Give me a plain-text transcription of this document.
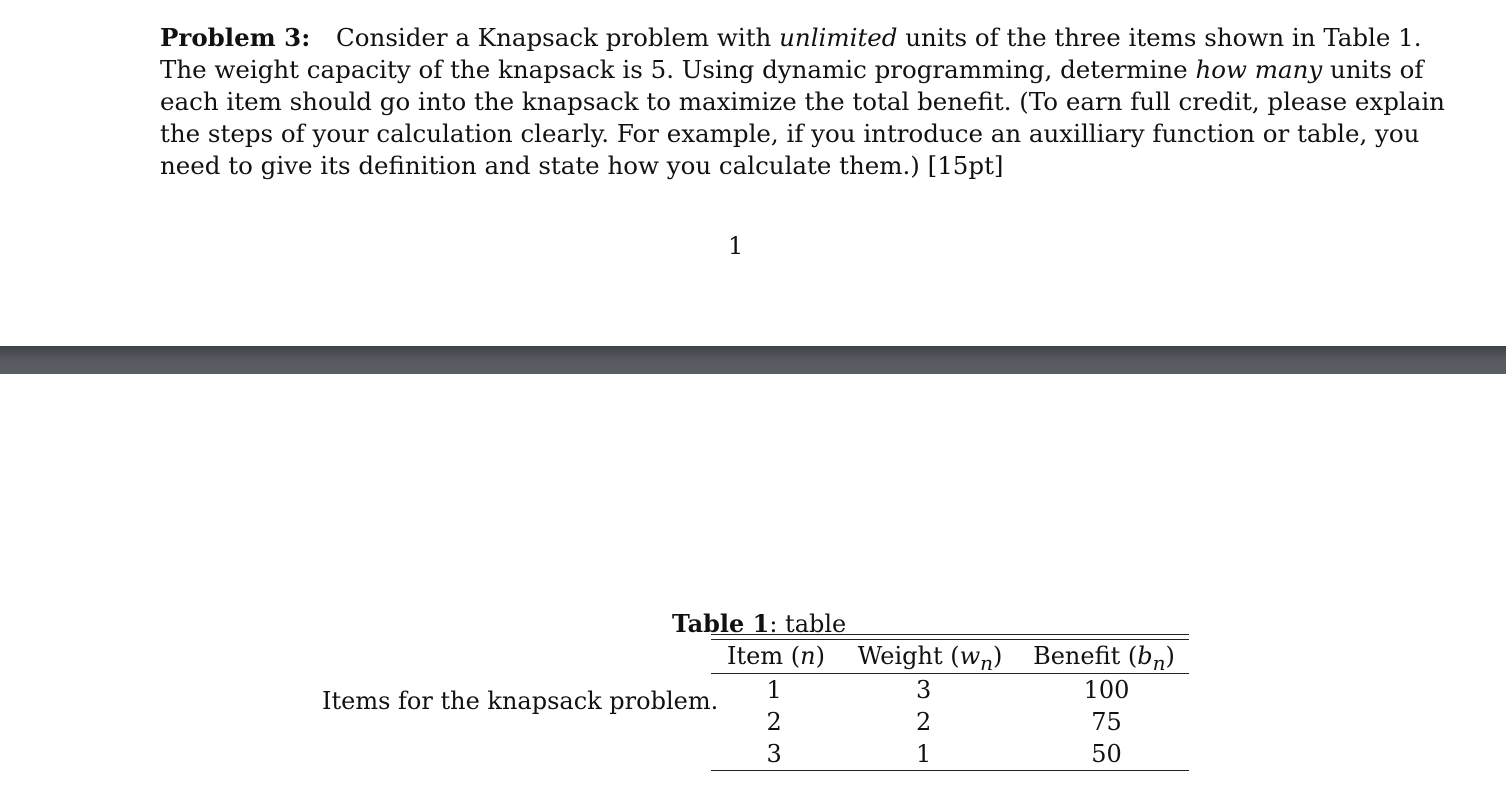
Problem 3: Consider a Knapsack problem with unlimited units of the three items shown in Table 1.
The weight capacity of the knapsack is 5. Using dynamic programming, determine how many units of
each item should go into the knapsack to maximize the total benefit. (To earn full credit, please explain
the steps of your calculation clearly. For example, if you introduce an auxilliary function or table, you
need to give its definition and state how you calculate them.) [15pt]
1
Table 1: table
Items for the knapsack problem.
Item (n)	Weight $(w_n)$	Benefit $(b_n)$
1	3	100
2	2	75
3	1	50
